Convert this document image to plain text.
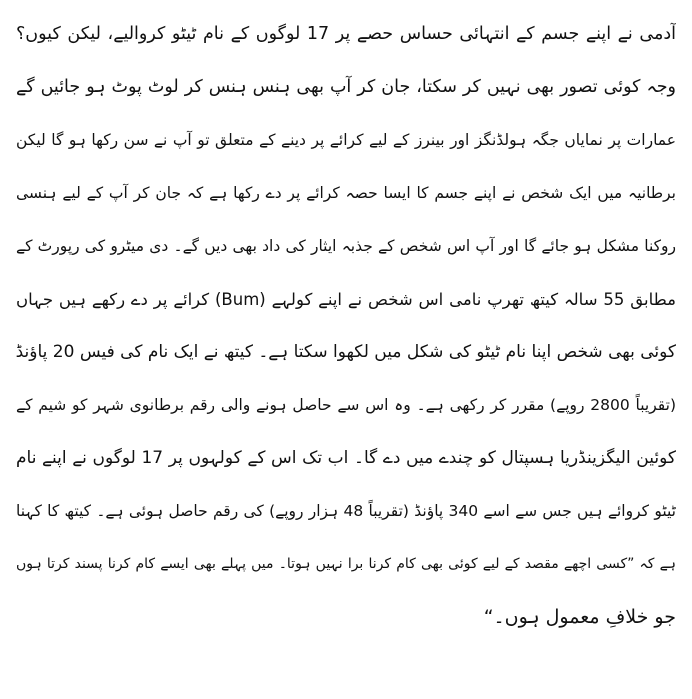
آدمی نے اپنے جسم کے انتہائی حساس حصے پر 17 لوگوں کے نام ٹیٹو کروالیے، لیکن کیوں؟
وجہ کوئی تصور بھی نہیں کر سکتا، جان کر آپ بھی ہنس ہنس کر لوٹ پوٹ ہو جائیں گے
عمارات پر نمایاں جگہ ہولڈنگز اور بینرز کے لیے کرائے پر دینے کے متعلق تو آپ نے سن رکھا ہو گا لیکن
برطانیہ میں ایک شخص نے اپنے جسم کا ایسا حصہ کرائے پر دے رکھا ہے کہ جان کر آپ کے لیے ہنسی
روکنا مشکل ہو جائے گا اور آپ اس شخص کے جذبہ ایثار کی داد بھی دیں گے۔ دی میٹرو کی رپورٹ کے
مطابق 55 سالہ کیتھ تھرپ نامی اس شخص نے اپنے کولہے (Bum) کرائے پر دے رکھے ہیں جہاں
کوئی بھی شخص اپنا نام ٹیٹو کی شکل میں لکھوا سکتا ہے۔ کیتھ نے ایک نام کی فیس 20 پاؤنڈ
(تقریباً 2800 روپے) مقرر کر رکھی ہے۔ وہ اس سے حاصل ہونے والی رقم برطانوی شہر کو شیم کے
کوئین الیگزینڈریا ہسپتال کو چندے میں دے گا۔ اب تک اس کے کولہوں پر 17 لوگوں نے اپنے نام
ٹیٹو کروائے ہیں جس سے اسے 340 پاؤنڈ (تقریباً 48 ہزار روپے) کی رقم حاصل ہوئی ہے۔ کیتھ کا کہنا
ہے کہ ”کسی اچھے مقصد کے لیے کوئی بھی کام کرنا برا نہیں ہوتا۔ میں پہلے بھی ایسے کام کرنا پسند کرتا ہوں
جو خلافِ معمول ہوں۔“
